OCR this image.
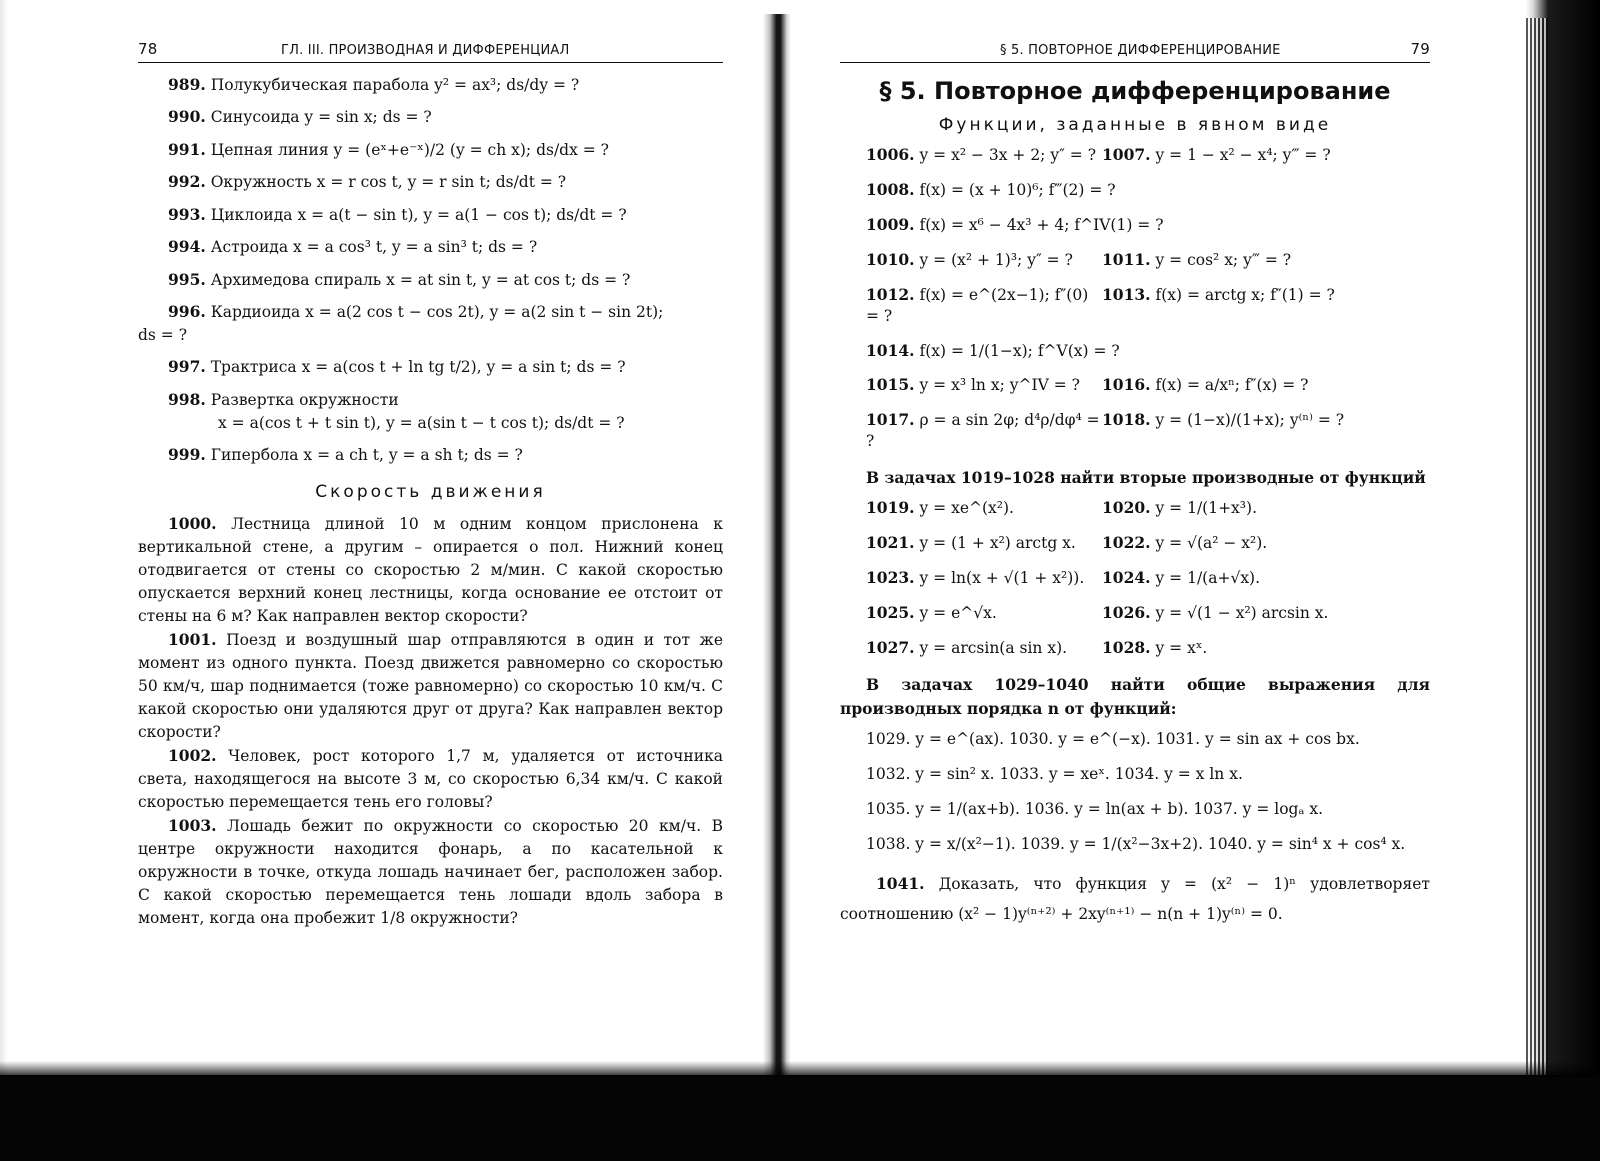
78	ГЛ. III. ПРОИЗВОДНАЯ И ДИФФЕРЕНЦИАЛ

989. Полукубическая парабола y² = ax³; ds/dy = ?

990. Синусоида y = sin x; ds = ?

991. Цепная линия y = (eˣ+e⁻ˣ)/2 (y = ch x); ds/dx = ?

992. Окружность x = r cos t, y = r sin t; ds/dt = ?

993. Циклоида x = a(t − sin t), y = a(1 − cos t); ds/dt = ?

994. Астроида x = a cos³ t, y = a sin³ t; ds = ?

995. Архимедова спираль x = at sin t, y = at cos t; ds = ?

996. Кардиоида x = a(2 cos t − cos 2t), y = a(2 sin t − sin 2t);

ds = ?

997. Трактриса x = a(cos t + ln tg t/2), y = a sin t; ds = ?

998. Развертка окружности

x = a(cos t + t sin t), y = a(sin t − t cos t); ds/dt = ?

999. Гипербола x = a ch t, y = a sh t; ds = ?

Скорость движения

1000. Лестница длиной 10 м одним концом прислонена к вертикальной стене, а другим – опирается о пол. Нижний конец отодвигается от стены со скоростью 2 м/мин. С какой скоростью опускается верхний конец лестницы, когда основание ее отстоит от стены на 6 м? Как направлен вектор скорости?

1001. Поезд и воздушный шар отправляются в один и тот же момент из одного пункта. Поезд движется равномерно со скоростью 50 км/ч, шар поднимается (тоже равномерно) со скоростью 10 км/ч. С какой скоростью они удаляются друг от друга? Как направлен вектор скорости?

1002. Человек, рост которого 1,7 м, удаляется от источника света, находящегося на высоте 3 м, со скоростью 6,34 км/ч. С какой скоростью перемещается тень его головы?

1003. Лошадь бежит по окружности со скоростью 20 км/ч. В центре окружности находится фонарь, а по касательной к окружности в точке, откуда лошадь начинает бег, расположен забор. С какой скоростью перемещается тень лошади вдоль забора в момент, когда она пробежит 1/8 окружности?

§ 5. ПОВТОРНОЕ ДИФФЕРЕНЦИРОВАНИЕ	79
§ 5. Повторное дифференцирование
Функции, заданные в явном виде
1006. y = x² − 3x + 2; y″ = ? 1007. y = 1 − x² − x⁴; y‴ = ?
1008. f(x) = (x + 10)⁶; f‴(2) = ?
1009. f(x) = x⁶ − 4x³ + 4; f^IV(1) = ?
1010. y = (x² + 1)³; y″ = ?	1011. y = cos² x; y‴ = ?
1012. f(x) = e^(2x−1); f″(0) = ?
1013. f(x) = arctg x; f″(1) = ?
1014. f(x) = 1/(1−x); f^V(x) = ?
1015. y = x³ ln x; y^IV = ?	1016. f(x) = a/xⁿ; f″(x) = ?
1017. ρ = a sin 2φ; d⁴ρ/dφ⁴ = ?
1018. y = (1−x)/(1+x); y⁽ⁿ⁾ = ?

В задачах 1019–1028 найти вторые производные от функций

1019. y = xe^(x²).	1020. y = 1/(1+x³).
1021. y = (1 + x²) arctg x.	1022. y = √(a² − x²).
1023. y = ln(x + √(1 + x²)).	1024. y = 1/(a+√x).
1025. y = e^√x.	1026. y = √(1 − x²) arcsin x.
1027. y = arcsin(a sin x).	1028. y = xˣ.

В задачах 1029–1040 найти общие выражения для производных порядка n от функций:

1029. y = e^(ax). 1030. y = e^(−x). 1031. y = sin ax + cos bx.

1032. y = sin² x. 1033. y = xeˣ. 1034. y = x ln x.

1035. y = 1/(ax+b). 1036. y = ln(ax + b). 1037. y = logₐ x.

1038. y = x/(x²−1). 1039. y = 1/(x²−3x+2). 1040. y = sin⁴ x + cos⁴ x.

1041. Доказать, что функция y = (x² − 1)ⁿ удовлетворяет соотношению (x² − 1)y⁽ⁿ⁺²⁾ + 2xy⁽ⁿ⁺¹⁾ − n(n + 1)y⁽ⁿ⁾ = 0.
